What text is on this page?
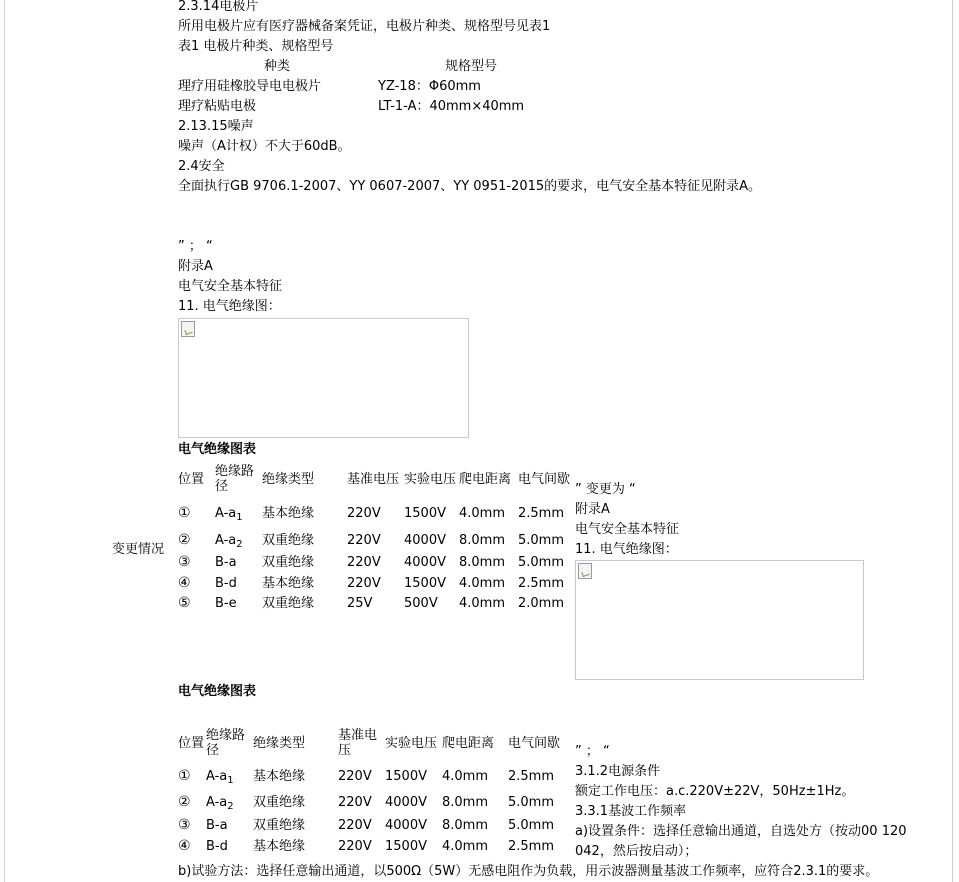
2.3.14电极片
所用电极片应有医疗器械备案凭证，电极片种类、规格型号见表1
表1 电极片种类、规格型号
种类	规格型号
理疗用硅橡胶导电电极片	YZ-18：Φ60mm
理疗粘贴电极	LT-1-A：40mm×40mm
2.13.15噪声
噪声（A计权）不大于60dB。
2.4安全
全面执行GB 9706.1-2007、YY 0607-2007、YY 0951-2015的要求，电气安全基本特征见附录A。
” ； “
附录A
电气安全基本特征
11. 电气绝缘图：
电气绝缘图表
位置	绝缘路径	绝缘类型	基准电压	实验电压	爬电距离	电气间歇
①	$A-a_1$	基本绝缘	220V	1500V	4.0mm	2.5mm
②	$A-a_2$	双重绝缘	220V	4000V	8.0mm	5.0mm
③	B-a	双重绝缘	220V	4000V	8.0mm	5.0mm
④	B-d	基本绝缘	220V	1500V	4.0mm	2.5mm
⑤	B-e	双重绝缘	25V	500V	4.0mm	2.0mm
变更情况
” 变更为 “
附录A
电气安全基本特征
11. 电气绝缘图：
电气绝缘图表
位置	绝缘路径	绝缘类型	基准电压	实验电压	爬电距离	电气间歇
①	$A-a_1$	基本绝缘	220V	1500V	4.0mm	2.5mm
②	$A-a_2$	双重绝缘	220V	4000V	8.0mm	5.0mm
③	B-a	双重绝缘	220V	4000V	8.0mm	5.0mm
④	B-d	基本绝缘	220V	1500V	4.0mm	2.5mm
” ； “
3.1.2电源条件
额定工作电压：a.c.220V±22V，50Hz±1Hz。
3.3.1基波工作频率
a)设置条件：选择任意输出通道，自选处方（按动00 120
042，然后按启动）；
b)试验方法：选择任意输出通道，以500Ω（5W）无感电阻作为负载，用示波器测量基波工作频率，应符合2.3.1的要求。
